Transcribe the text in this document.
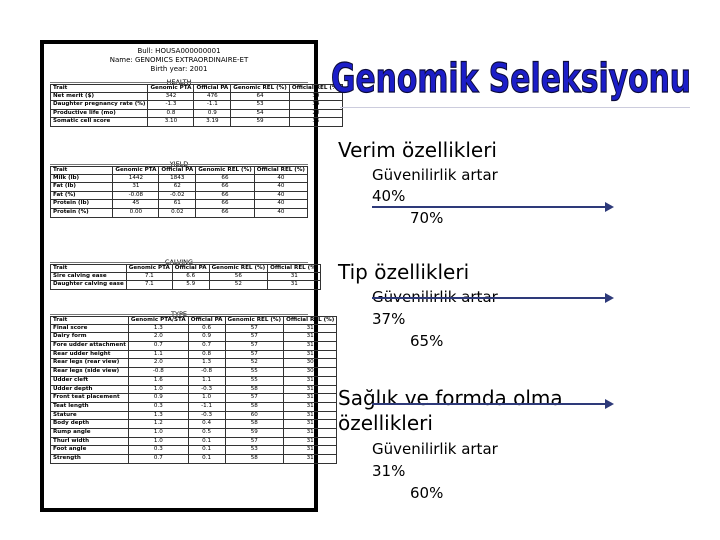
Bull: HOUSA000000001
Name: GENOMICS EXTRAORDINAIRE-ET
Birth year: 2001
HEALTH
Trait	Genomic PTA	Official PA	Genomic REL (%)	Official REL (%)
Net merit ($)	342	476	64	39
Daughter pregnancy rate (%)	-1.3	-1.1	53	34
Productive life (mo)	0.8	0.9	54	20
Somatic cell score	3.10	3.19	59	36
YIELD
Trait	Genomic PTA	Official PA	Genomic REL (%)	Official REL (%)
Milk (lb)	1442	1843	66	40
Fat (lb)	31	62	66	40
Fat (%)	-0.08	-0.02	66	40
Protein (lb)	45	61	66	40
Protein (%)	0.00	0.02	66	40
CALVING
Trait	Genomic PTA	Official PA	Genomic REL (%)	Official REL (%)
Sire calving ease	7.1	6.6	56	31
Daughter calving ease	7.1	5.9	52	31
TYPE
Trait	Genomic PTA/STA	Official PA	Genomic REL (%)	Official REL (%)
Final score	1.3	0.6	57	31
Dairy form	2.0	0.9	57	31
Fore udder attachment	0.7	0.7	57	31
Rear udder height	1.1	0.8	57	31
Rear legs (rear view)	2.0	1.3	52	30
Rear legs (side view)	-0.8	-0.8	55	30
Udder cleft	1.6	1.1	55	31
Udder depth	1.0	-0.3	58	31
Front teat placement	0.9	1.0	57	31
Teat length	0.3	-1.1	58	31
Stature	1.3	-0.3	60	31
Body depth	1.2	0.4	58	31
Rump angle	1.0	0.5	59	31
Thurl width	1.0	0.1	57	31
Foot angle	0.3	0.1	53	31
Strength	0.7	0.1	58	31
Genomik Seleksiyonu
Verim özellikleri
Güvenilirlik artar
40%
70%
Tip özellikleri
Güvenilirlik artar
37%
65%
Sağlık ve formda olma
özellikleri
Güvenilirlik artar
31%
60%
